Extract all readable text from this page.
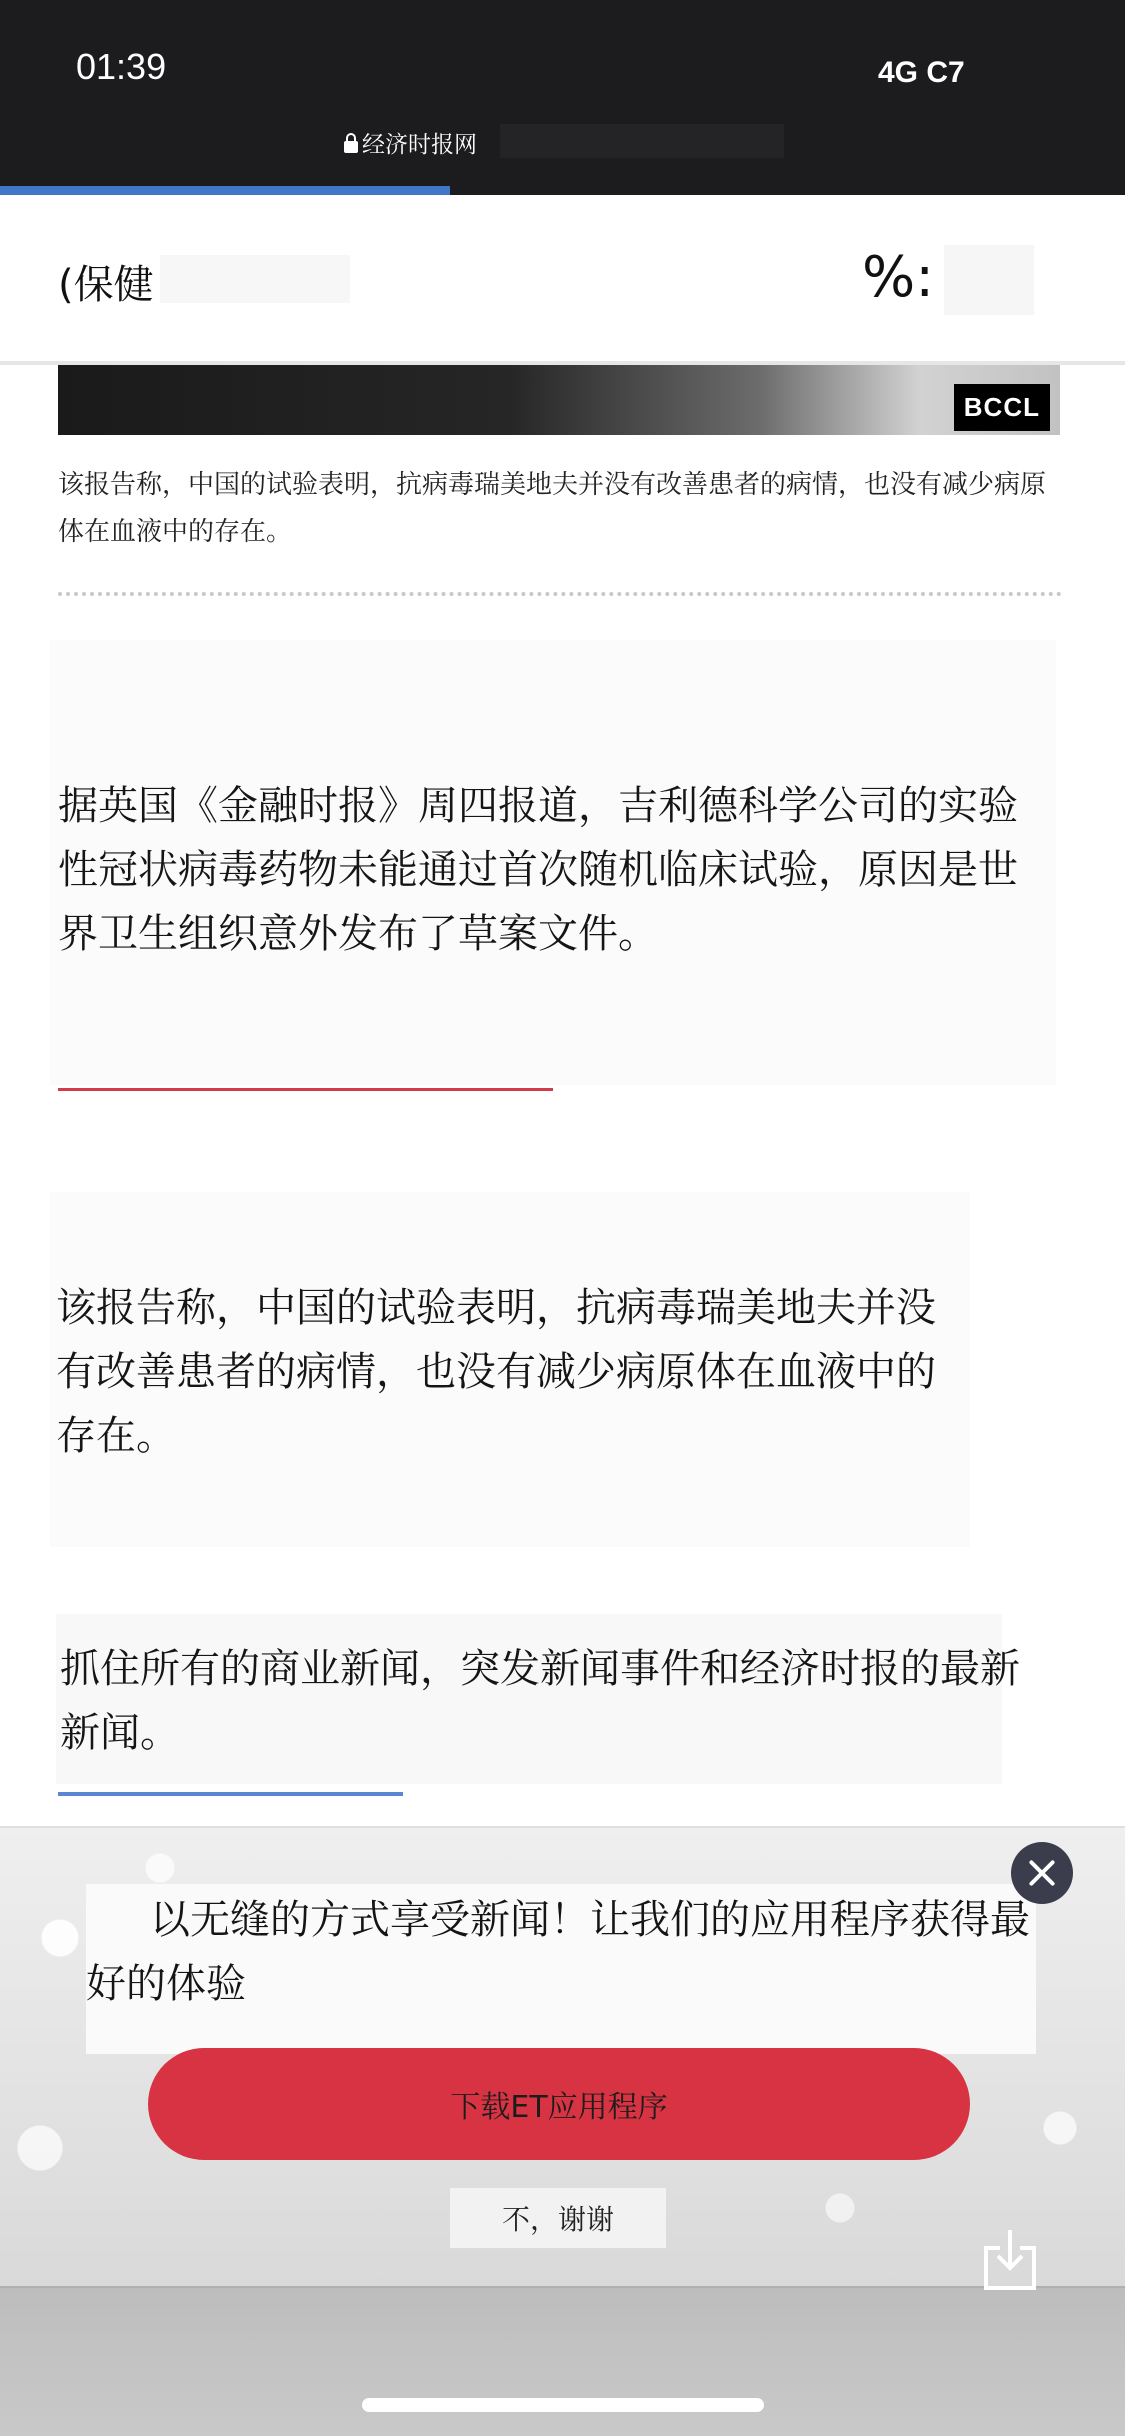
01:39	4G C7
经济时报网
(保健	%:
BCCL

该报告称，中国的试验表明，抗病毒瑞美地夫并没有改善患者的病情，也没有减少病原体在血液中的存在。

据英国《金融时报》周四报道，吉利德科学公司的实验性冠状病毒药物未能通过首次随机临床试验，原因是世界卫生组织意外发布了草案文件。

该报告称，中国的试验表明，抗病毒瑞美地夫并没有改善患者的病情，也没有减少病原体在血液中的存在。

抓住所有的商业新闻，突发新闻事件和经济时报的最新新闻。

以无缝的方式享受新闻！让我们的应用程序获得最好的体验

下载ET应用程序
不，谢谢
